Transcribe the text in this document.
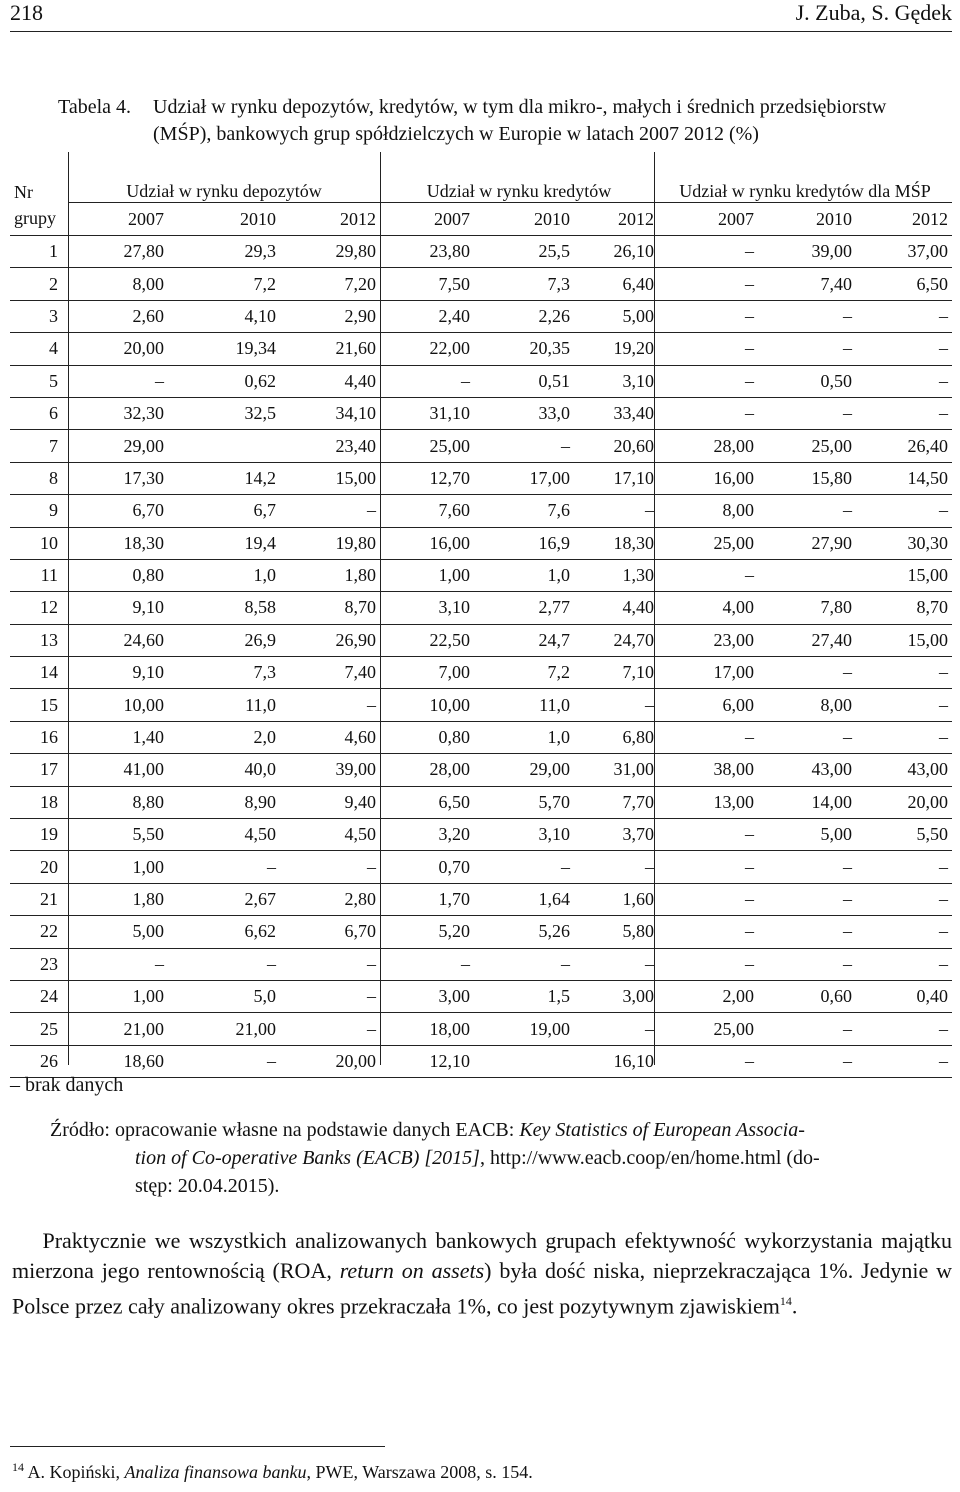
218	J. Zuba, S. Gędek
Tabela 4.	Udział w rynku depozytów, kredytów, w tym dla mikro-, małych i średnich przedsiębiorstw (MŚP), bankowych grup spółdzielczych w Europie w latach 2007 2012 (%)
Nr	Udział w rynku depozytów			Udział w rynku kredytów			Udział w rynku kredytów dla MŚP		
grupy	2007	2010	2012	2007	2010	2012	2007	2010	2012
1	27,80	29,3	29,80	23,80	25,5	26,10	–	39,00	37,00
2	8,00	7,2	7,20	7,50	7,3	6,40	–	7,40	6,50
3	2,60	4,10	2,90	2,40	2,26	5,00	–	–	–
4	20,00	19,34	21,60	22,00	20,35	19,20	–	–	–
5	–	0,62	4,40	–	0,51	3,10	–	0,50	–
6	32,30	32,5	34,10	31,10	33,0	33,40	–	–	–
7	29,00		23,40	25,00	–	20,60	28,00	25,00	26,40
8	17,30	14,2	15,00	12,70	17,00	17,10	16,00	15,80	14,50
9	6,70	6,7	–	7,60	7,6	–	8,00	–	–
10	18,30	19,4	19,80	16,00	16,9	18,30	25,00	27,90	30,30
11	0,80	1,0	1,80	1,00	1,0	1,30	–		15,00
12	9,10	8,58	8,70	3,10	2,77	4,40	4,00	7,80	8,70
13	24,60	26,9	26,90	22,50	24,7	24,70	23,00	27,40	15,00
14	9,10	7,3	7,40	7,00	7,2	7,10	17,00	–	–
15	10,00	11,0	–	10,00	11,0	–	6,00	8,00	–
16	1,40	2,0	4,60	0,80	1,0	6,80	–	–	–
17	41,00	40,0	39,00	28,00	29,00	31,00	38,00	43,00	43,00
18	8,80	8,90	9,40	6,50	5,70	7,70	13,00	14,00	20,00
19	5,50	4,50	4,50	3,20	3,10	3,70	–	5,00	5,50
20	1,00	–	–	0,70	–	–	–	–	–
21	1,80	2,67	2,80	1,70	1,64	1,60	–	–	–
22	5,00	6,62	6,70	5,20	5,26	5,80	–	–	–
23	–	–	–	–	–	–	–	–	–
24	1,00	5,0	–	3,00	1,5	3,00	2,00	0,60	0,40
25	21,00	21,00	–	18,00	19,00	–	25,00	–	–
26	18,60	–	20,00	12,10		16,10	–	–	–
– brak danych
Źródło: opracowanie własne na podstawie danych EACB: Key Statistics of European Associa-
tion of Co-operative Banks (EACB) [2015], http://www.eacb.coop/en/home.html (do-
stęp: 20.04.2015).
  Praktycznie we wszystkich analizowanych bankowych grupach efektywność wykorzystania majątku mierzona jego rentownością (ROA, return on assets) była dość niska, nieprzekraczająca 1%. Jedynie w Polsce przez cały analizowany okres przekraczała 1%, co jest pozytywnym zjawiskiem$^{14}$.
$^{14}$ A. Kopiński, Analiza finansowa banku, PWE, Warszawa 2008, s. 154.
